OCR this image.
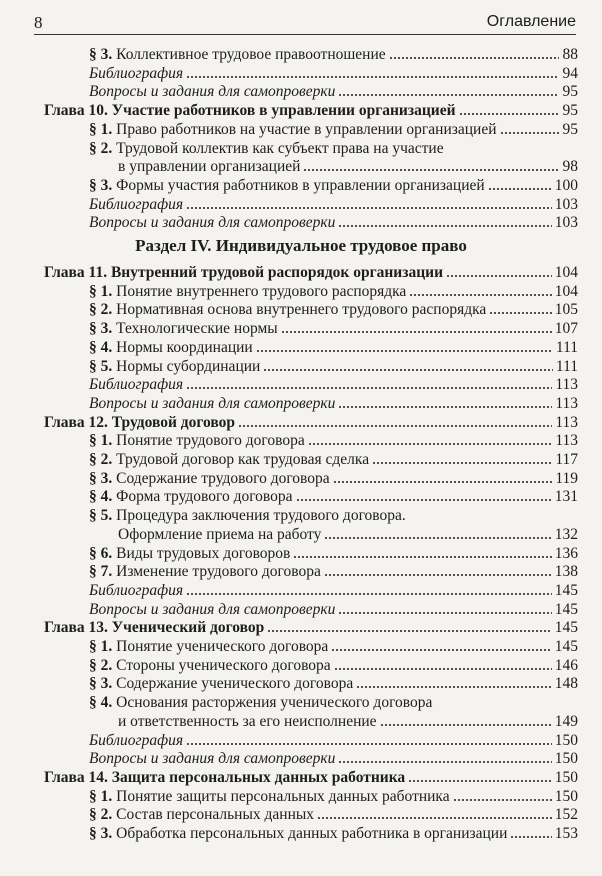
8	Оглавление
§ 3. Коллективное трудовое правоотношение	88
Библиография	94
Вопросы и задания для самопроверки	95
Глава 10. Участие работников в управлении организацией	95
§ 1. Право работников на участие в управлении организацией	95
§ 2. Трудовой коллектив как субъект права на участие
в управлении организацией	98
§ 3. Формы участия работников в управлении организацией	100
Библиография	103
Вопросы и задания для самопроверки	103
Раздел IV. Индивидуальное трудовое право
Глава 11. Внутренний трудовой распорядок организации	104
§ 1. Понятие внутреннего трудового распорядка	104
§ 2. Нормативная основа внутреннего трудового распорядка	105
§ 3. Технологические нормы	107
§ 4. Нормы координации	111
§ 5. Нормы субординации	111
Библиография	113
Вопросы и задания для самопроверки	113
Глава 12. Трудовой договор	113
§ 1. Понятие трудового договора	113
§ 2. Трудовой договор как трудовая сделка	117
§ 3. Содержание трудового договора	119
§ 4. Форма трудового договора	131
§ 5. Процедура заключения трудового договора.
Оформление приема на работу	132
§ 6. Виды трудовых договоров	136
§ 7. Изменение трудового договора	138
Библиография	145
Вопросы и задания для самопроверки	145
Глава 13. Ученический договор	145
§ 1. Понятие ученического договора	145
§ 2. Стороны ученического договора	146
§ 3. Содержание ученического договора	148
§ 4. Основания расторжения ученического договора
и ответственность за его неисполнение	149
Библиография	150
Вопросы и задания для самопроверки	150
Глава 14. Защита персональных данных работника	150
§ 1. Понятие защиты персональных данных работника	150
§ 2. Состав персональных данных	152
§ 3. Обработка персональных данных работника в организации	153
